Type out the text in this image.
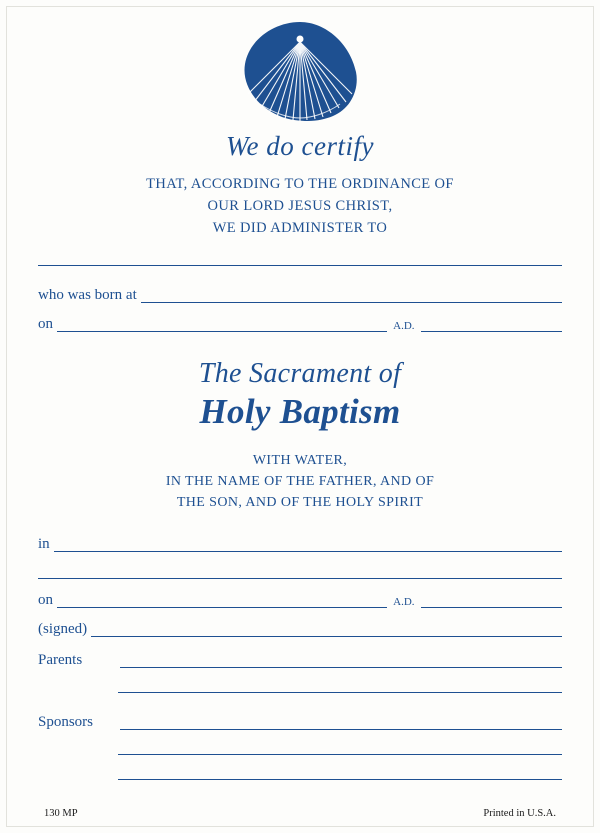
We do certify
THAT, ACCORDING TO THE ORDINANCE OF
OUR LORD JESUS CHRIST,
WE DID ADMINISTER TO
who was born at
on	A.D.
The Sacrament of
Holy Baptism
WITH WATER,
IN THE NAME OF THE FATHER, AND OF
THE SON, AND OF THE HOLY SPIRIT
in
on	A.D.
(signed)
Parents
Sponsors
130 MP	Printed in U.S.A.
